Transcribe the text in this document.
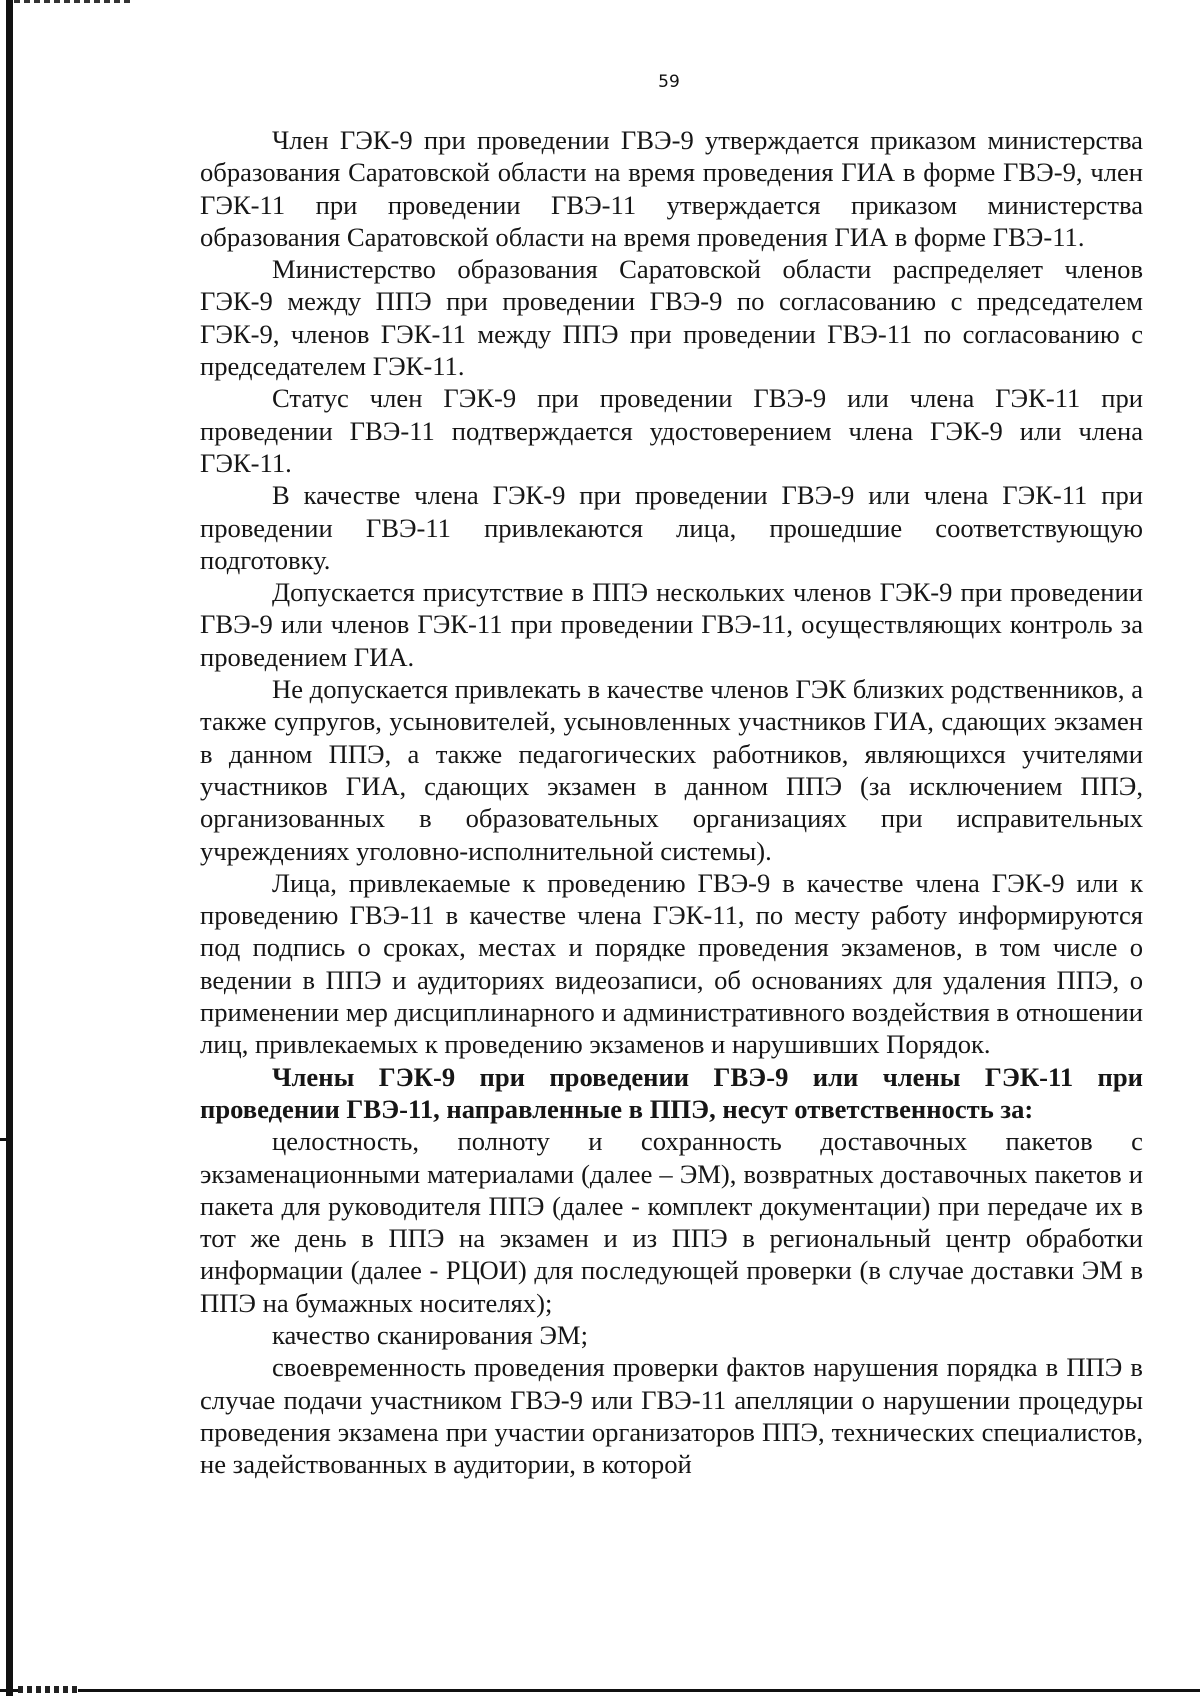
59

Член ГЭК-9 при проведении ГВЭ-9 утверждается приказом министерства образования Саратовской области на время проведения ГИА в форме ГВЭ-9, член ГЭК-11 при проведении ГВЭ-11 утверждается приказом министерства образования Саратовской области на время проведения ГИА в форме ГВЭ-11.

Министерство образования Саратовской области распределяет членов ГЭК-9 между ППЭ при проведении ГВЭ-9 по согласованию с председателем ГЭК-9, членов ГЭК-11 между ППЭ при проведении ГВЭ-11 по согласованию с председателем ГЭК-11.

Статус член ГЭК-9 при проведении ГВЭ-9 или члена ГЭК-11 при проведении ГВЭ-11 подтверждается удостоверением члена ГЭК-9 или члена ГЭК-11.

В качестве члена ГЭК-9 при проведении ГВЭ-9 или члена ГЭК-11 при проведении ГВЭ-11 привлекаются лица, прошедшие соответствующую подготовку.

Допускается присутствие в ППЭ нескольких членов ГЭК-9 при проведении ГВЭ-9 или членов ГЭК-11 при проведении ГВЭ-11, осуществляющих контроль за проведением ГИА.

Не допускается привлекать в качестве членов ГЭК близких родственников, а также супругов, усыновителей, усыновленных участников ГИА, сдающих экзамен в данном ППЭ, а также педагогических работников, являющихся учителями участников ГИА, сдающих экзамен в данном ППЭ (за исключением ППЭ, организованных в образовательных организациях при исправительных учреждениях уголовно-исполнительной системы).

Лица, привлекаемые к проведению ГВЭ-9 в качестве члена ГЭК-9 или к проведению ГВЭ-11 в качестве члена ГЭК-11, по месту работу информируются под подпись о сроках, местах и порядке проведения экзаменов, в том числе о ведении в ППЭ и аудиториях видеозаписи, об основаниях для удаления ППЭ, о применении мер дисциплинарного и административного воздействия в отношении лиц, привлекаемых к проведению экзаменов и нарушивших Порядок.

Члены ГЭК-9 при проведении ГВЭ-9 или члены ГЭК-11 при проведении ГВЭ-11, направленные в ППЭ, несут ответственность за:

целостность, полноту и сохранность доставочных пакетов с экзаменационными материалами (далее – ЭМ), возвратных доставочных пакетов и пакета для руководителя ППЭ (далее - комплект документации) при передаче их в тот же день в ППЭ на экзамен и из ППЭ в региональный центр обработки информации (далее - РЦОИ) для последующей проверки (в случае доставки ЭМ в ППЭ на бумажных носителях);

качество сканирования ЭМ;

своевременность проведения проверки фактов нарушения порядка в ППЭ в случае подачи участником ГВЭ-9 или ГВЭ-11 апелляции о нарушении процедуры проведения экзамена при участии организаторов ППЭ, технических специалистов, не задействованных в аудитории, в которой
